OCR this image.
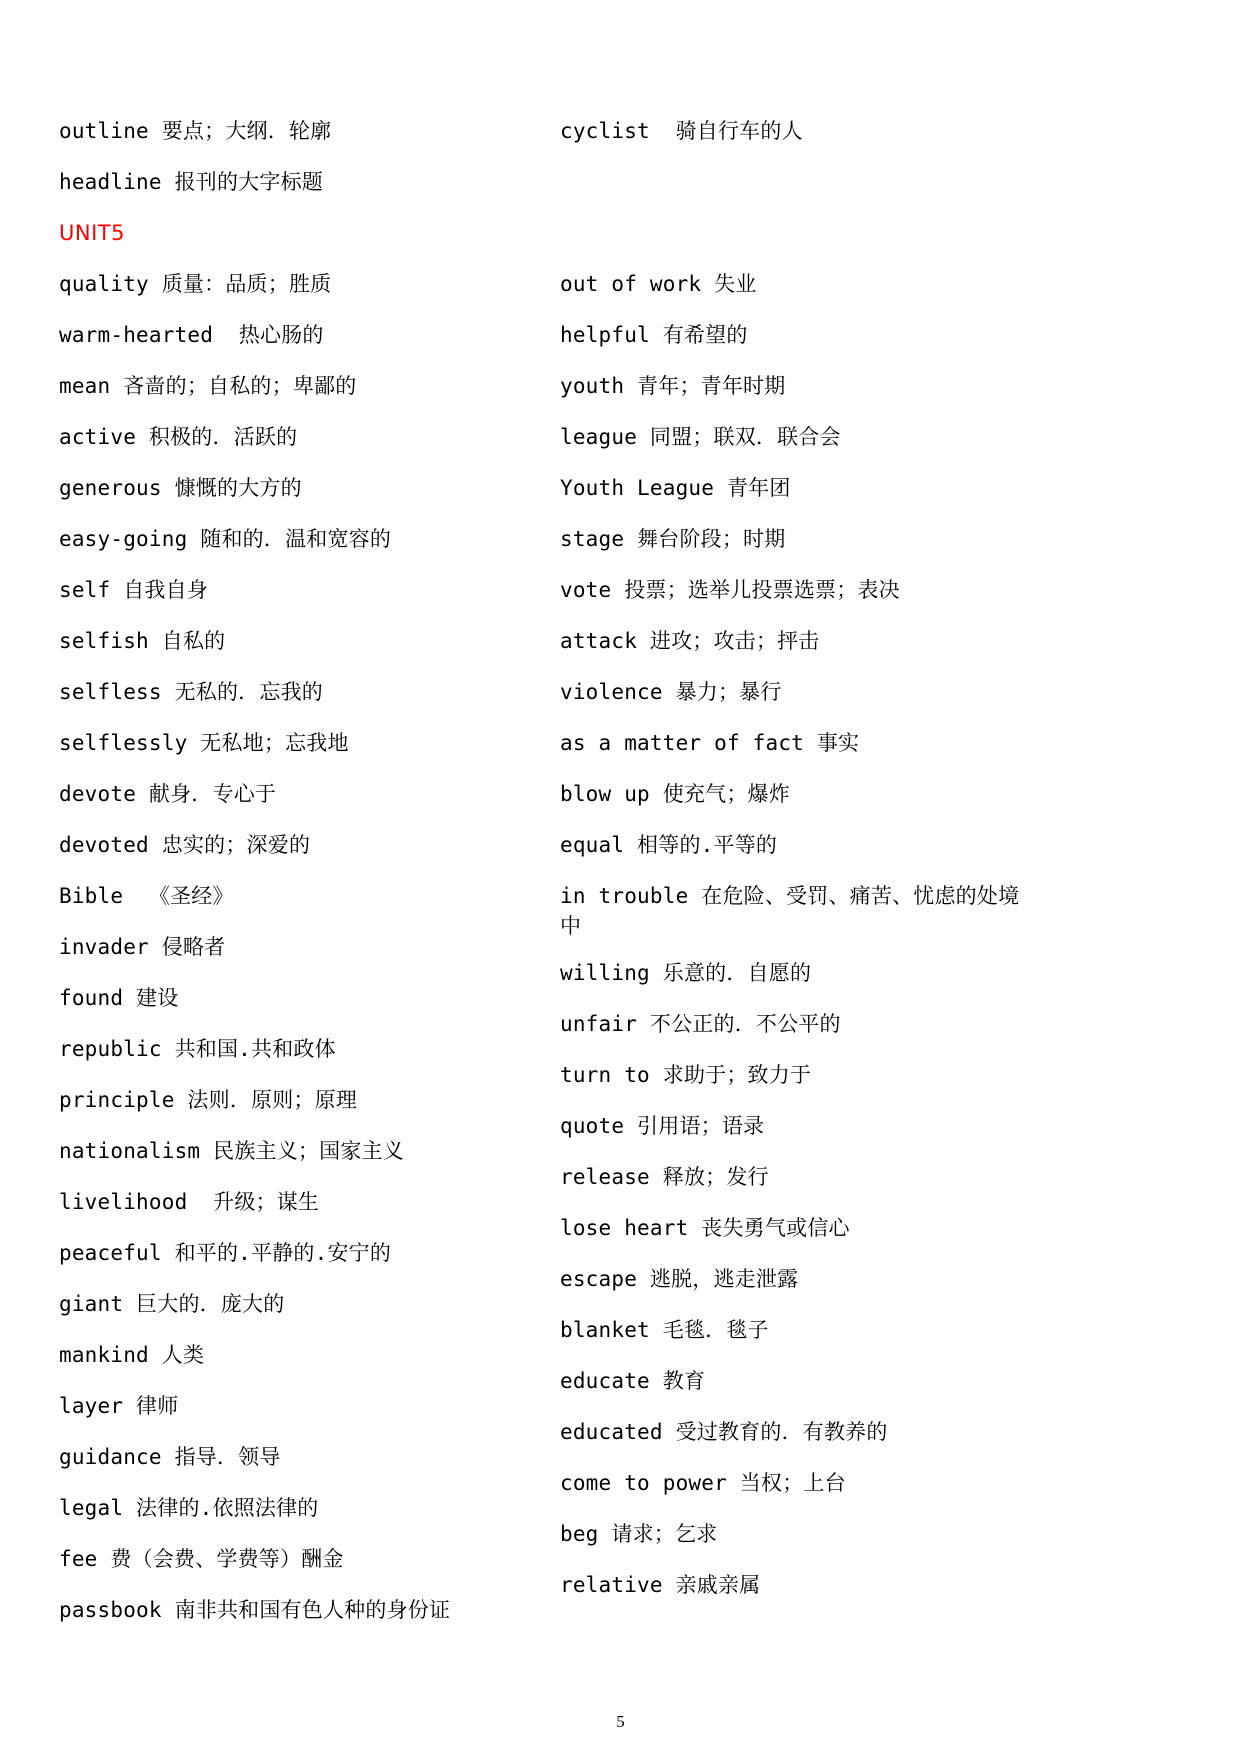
outline 要点；大纲．轮廓
headline 报刊的大字标题
UNIT5
quality 质量：品质；胜质
warm-hearted  热心肠的
mean 吝啬的；自私的；卑鄙的
active 积极的．活跃的
generous 慷慨的大方的
easy-going 随和的．温和宽容的
self 自我自身
selfish 自私的
selfless 无私的．忘我的
selflessly 无私地；忘我地
devote 献身．专心于
devoted 忠实的；深爱的
Bible  《圣经》
invader 侵略者
found 建设
republic 共和国.共和政体
principle 法则．原则；原理
nationalism 民族主义；国家主义
livelihood  升级；谋生
peaceful 和平的.平静的.安宁的
giant 巨大的．庞大的
mankind 人类
layer 律师
guidance 指导．领导
legal 法律的.依照法律的
fee 费（会费、学费等）酬金
passbook 南非共和国有色人种的身份证
cyclist  骑自行车的人
out of work 失业
helpful 有希望的
youth 青年；青年时期
league 同盟；联双．联合会
Youth League 青年团
stage 舞台阶段；时期
vote 投票；选举儿投票选票；表决
attack 进攻；攻击；抨击
violence 暴力；暴行
as a matter of fact 事实
blow up 使充气；爆炸
equal 相等的.平等的
in trouble 在危险、受罚、痛苦、忧虑的处境中
willing 乐意的．自愿的
unfair 不公正的．不公平的
turn to 求助于；致力于
quote 引用语；语录
release 释放；发行
lose heart 丧失勇气或信心
escape 逃脱，逃走泄露
blanket 毛毯．毯子
educate 教育
educated 受过教育的．有教养的
come to power 当权；上台
beg 请求；乞求
relative 亲戚亲属
5
